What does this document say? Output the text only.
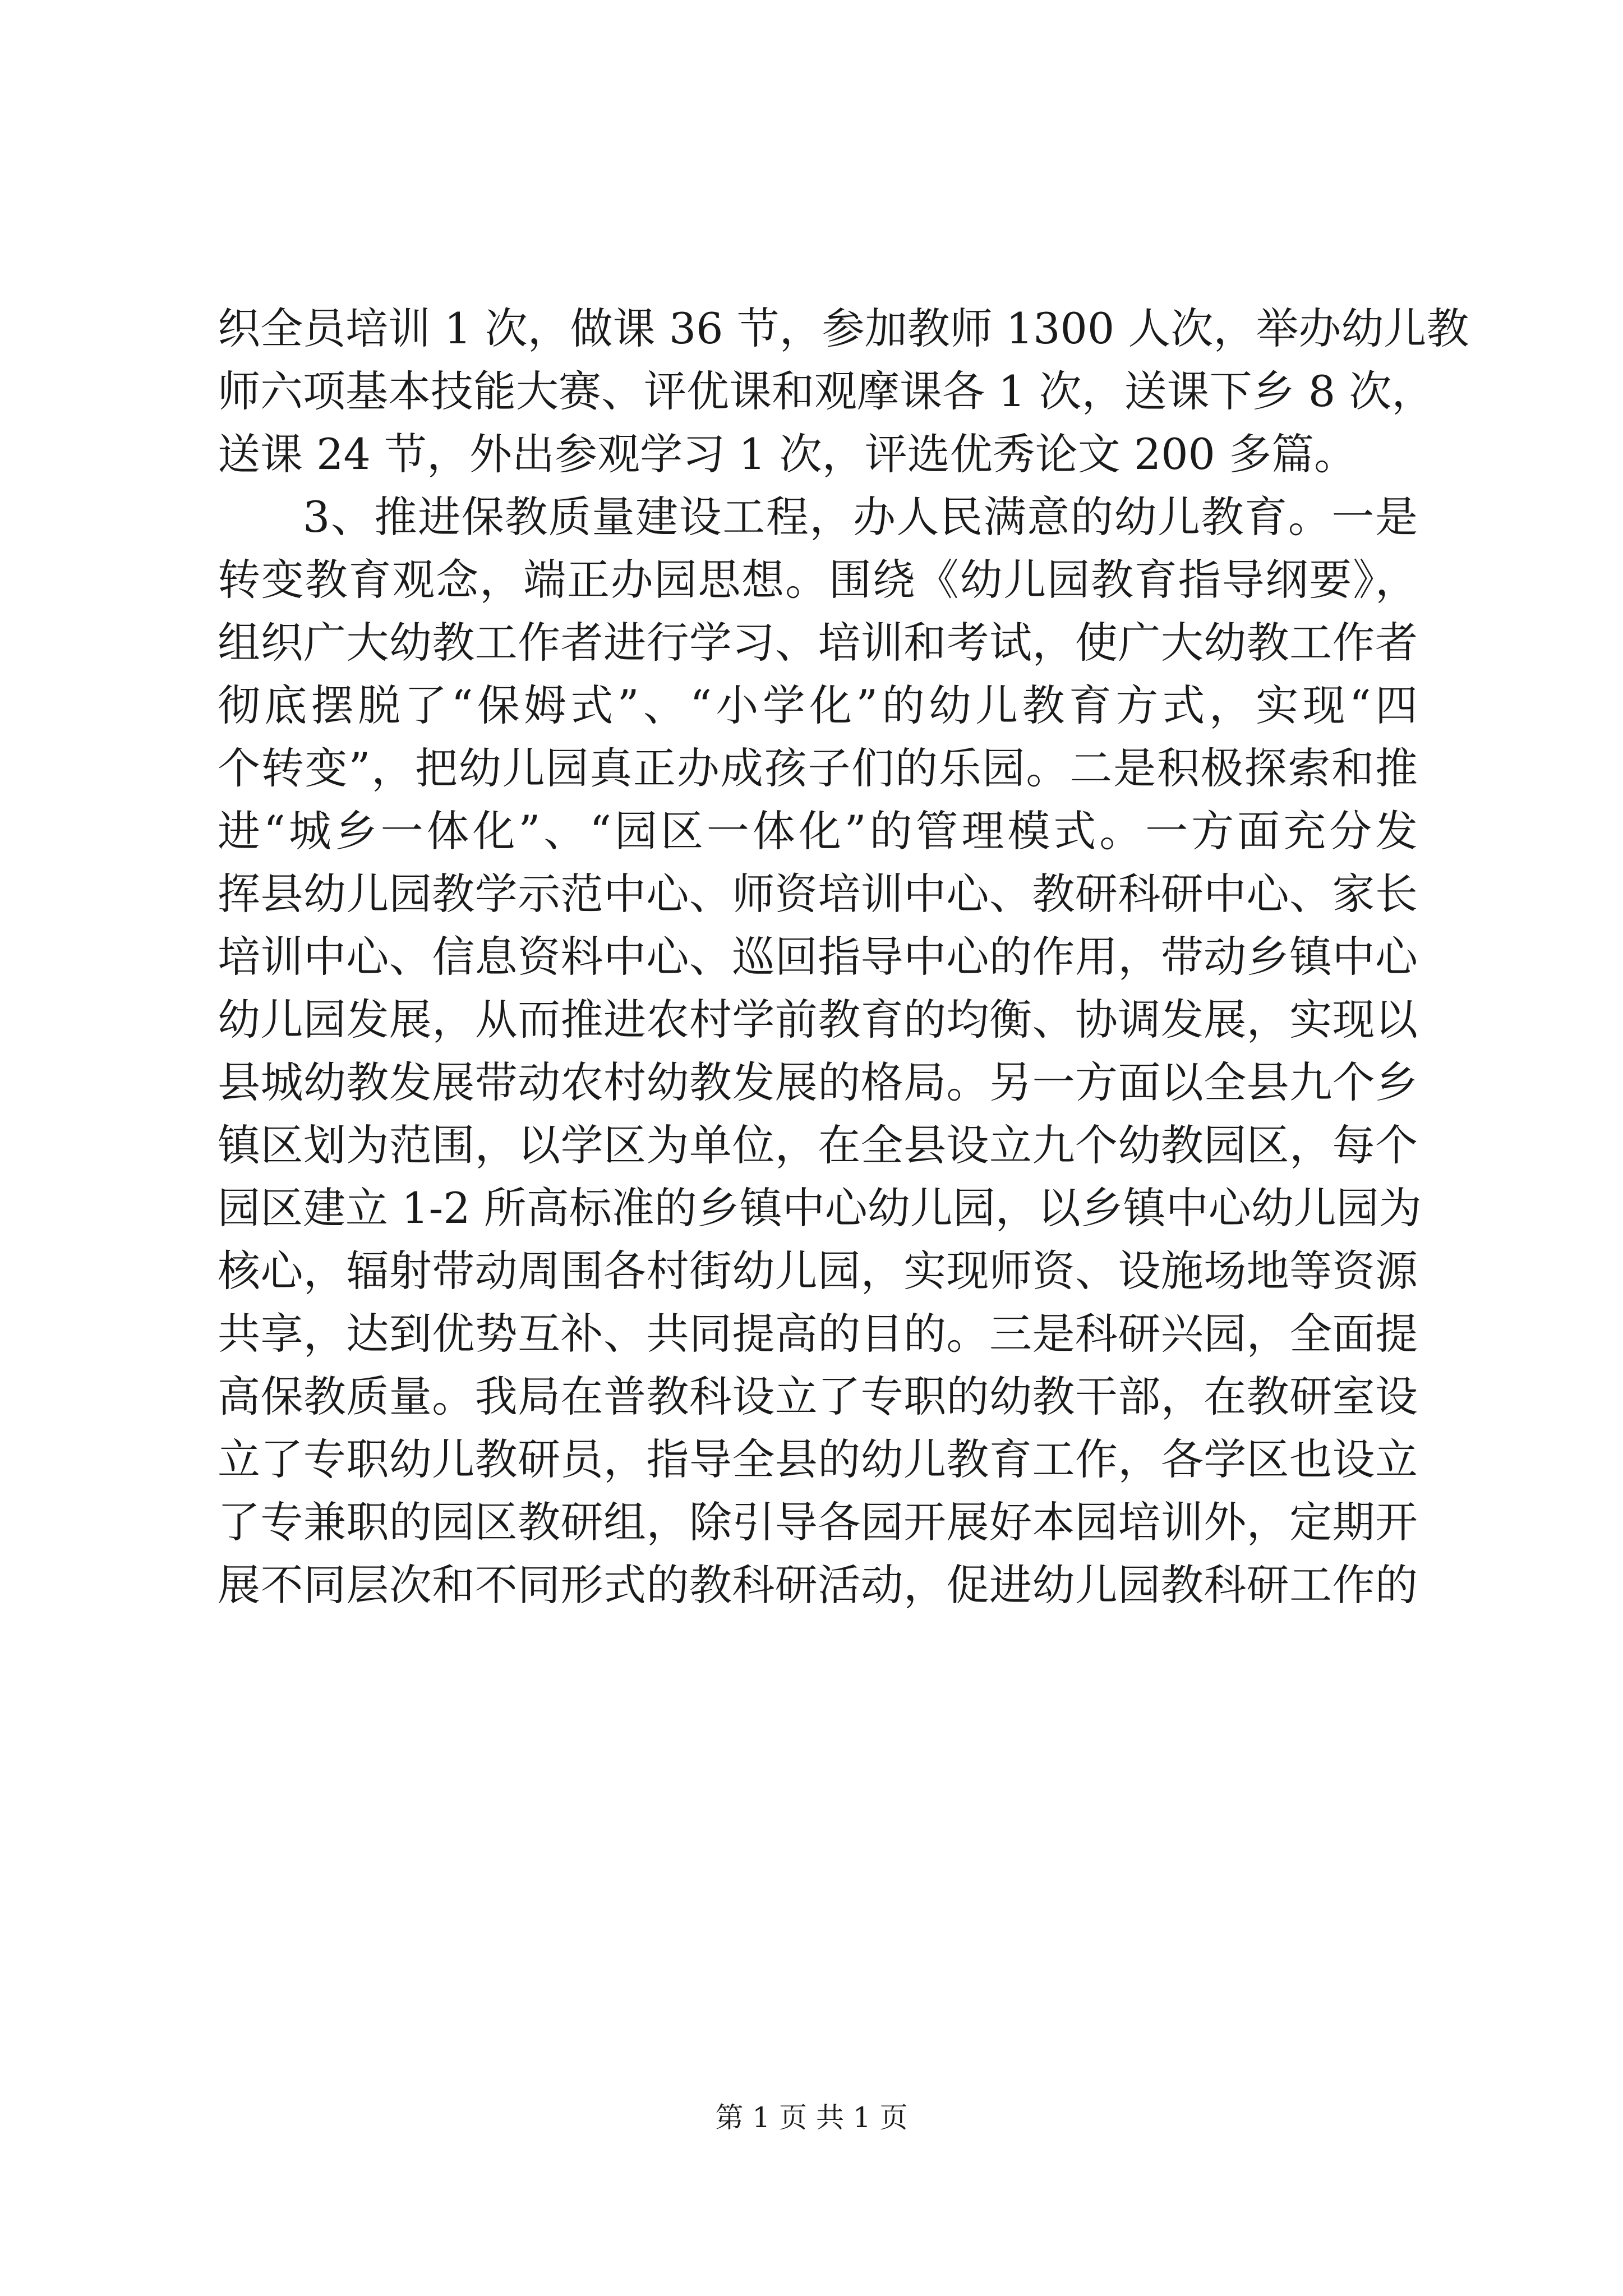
织全员培训 1 次，做课 36 节，参加教师 1300 人次，举办幼儿教
师六项基本技能大赛、评优课和观摩课各 1 次，送课下乡 8 次，
送课 24 节，外出参观学习 1 次，评选优秀论文 200 多篇。
3、推进保教质量建设工程，办人民满意的幼儿教育。一是
转变教育观念，端正办园思想。围绕《幼儿园教育指导纲要》，
组织广大幼教工作者进行学习、培训和考试，使广大幼教工作者
彻底摆脱了“保姆式”、“小学化”的幼儿教育方式，实现“四
个转变”，把幼儿园真正办成孩子们的乐园。二是积极探索和推
进“城乡一体化”、“园区一体化”的管理模式。一方面充分发
挥县幼儿园教学示范中心、师资培训中心、教研科研中心、家长
培训中心、信息资料中心、巡回指导中心的作用，带动乡镇中心
幼儿园发展，从而推进农村学前教育的均衡、协调发展，实现以
县城幼教发展带动农村幼教发展的格局。另一方面以全县九个乡
镇区划为范围，以学区为单位，在全县设立九个幼教园区，每个
园区建立 1-2 所高标准的乡镇中心幼儿园，以乡镇中心幼儿园为
核心，辐射带动周围各村街幼儿园，实现师资、设施场地等资源
共享，达到优势互补、共同提高的目的。三是科研兴园，全面提
高保教质量。我局在普教科设立了专职的幼教干部，在教研室设
立了专职幼儿教研员，指导全县的幼儿教育工作，各学区也设立
了专兼职的园区教研组，除引导各园开展好本园培训外，定期开
展不同层次和不同形式的教科研活动，促进幼儿园教科研工作的
第 1 页 共 1 页
